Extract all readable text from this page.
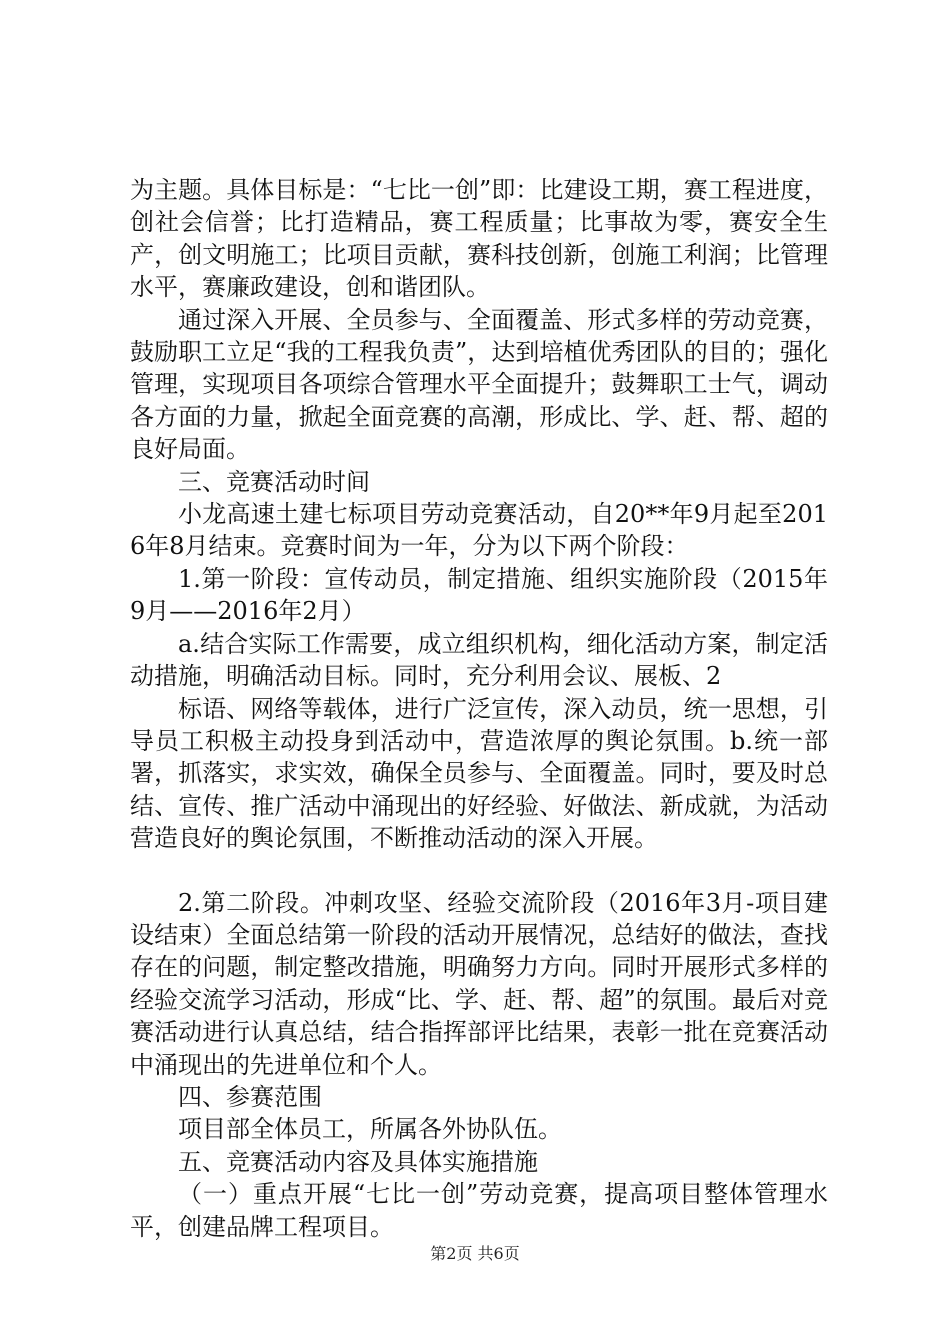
为主题。具体目标是：“七比一创”即：比建设工期，赛工程进度，创社会信誉；比打造精品，赛工程质量；比事故为零，赛安全生产，创文明施工；比项目贡献，赛科技创新，创施工利润；比管理水平，赛廉政建设，创和谐团队。

通过深入开展、全员参与、全面覆盖、形式多样的劳动竞赛，鼓励职工立足“我的工程我负责”，达到培植优秀团队的目的；强化管理，实现项目各项综合管理水平全面提升；鼓舞职工士气，调动各方面的力量，掀起全面竞赛的高潮，形成比、学、赶、帮、超的良好局面。

三、竞赛活动时间

小龙高速土建七标项目劳动竞赛活动，自20**年9月起至2016年8月结束。竞赛时间为一年，分为以下两个阶段：

1.第一阶段：宣传动员，制定措施、组织实施阶段（2015年9月——2016年2月）

a.结合实际工作需要，成立组织机构，细化活动方案，制定活动措施，明确活动目标。同时，充分利用会议、展板、2

标语、网络等载体，进行广泛宣传，深入动员，统一思想，引导员工积极主动投身到活动中，营造浓厚的舆论氛围。b.统一部署，抓落实，求实效，确保全员参与、全面覆盖。同时，要及时总结、宣传、推广活动中涌现出的好经验、好做法、新成就，为活动营造良好的舆论氛围，不断推动活动的深入开展。

2.第二阶段。冲刺攻坚、经验交流阶段（2016年3月-项目建设结束）全面总结第一阶段的活动开展情况，总结好的做法，查找存在的问题，制定整改措施，明确努力方向。同时开展形式多样的经验交流学习活动，形成“比、学、赶、帮、超”的氛围。最后对竞赛活动进行认真总结，结合指挥部评比结果，表彰一批在竞赛活动中涌现出的先进单位和个人。

四、参赛范围

项目部全体员工，所属各外协队伍。

五、竞赛活动内容及具体实施措施

（一）重点开展“七比一创”劳动竞赛，提高项目整体管理水平，创建品牌工程项目。

第2页 共6页
